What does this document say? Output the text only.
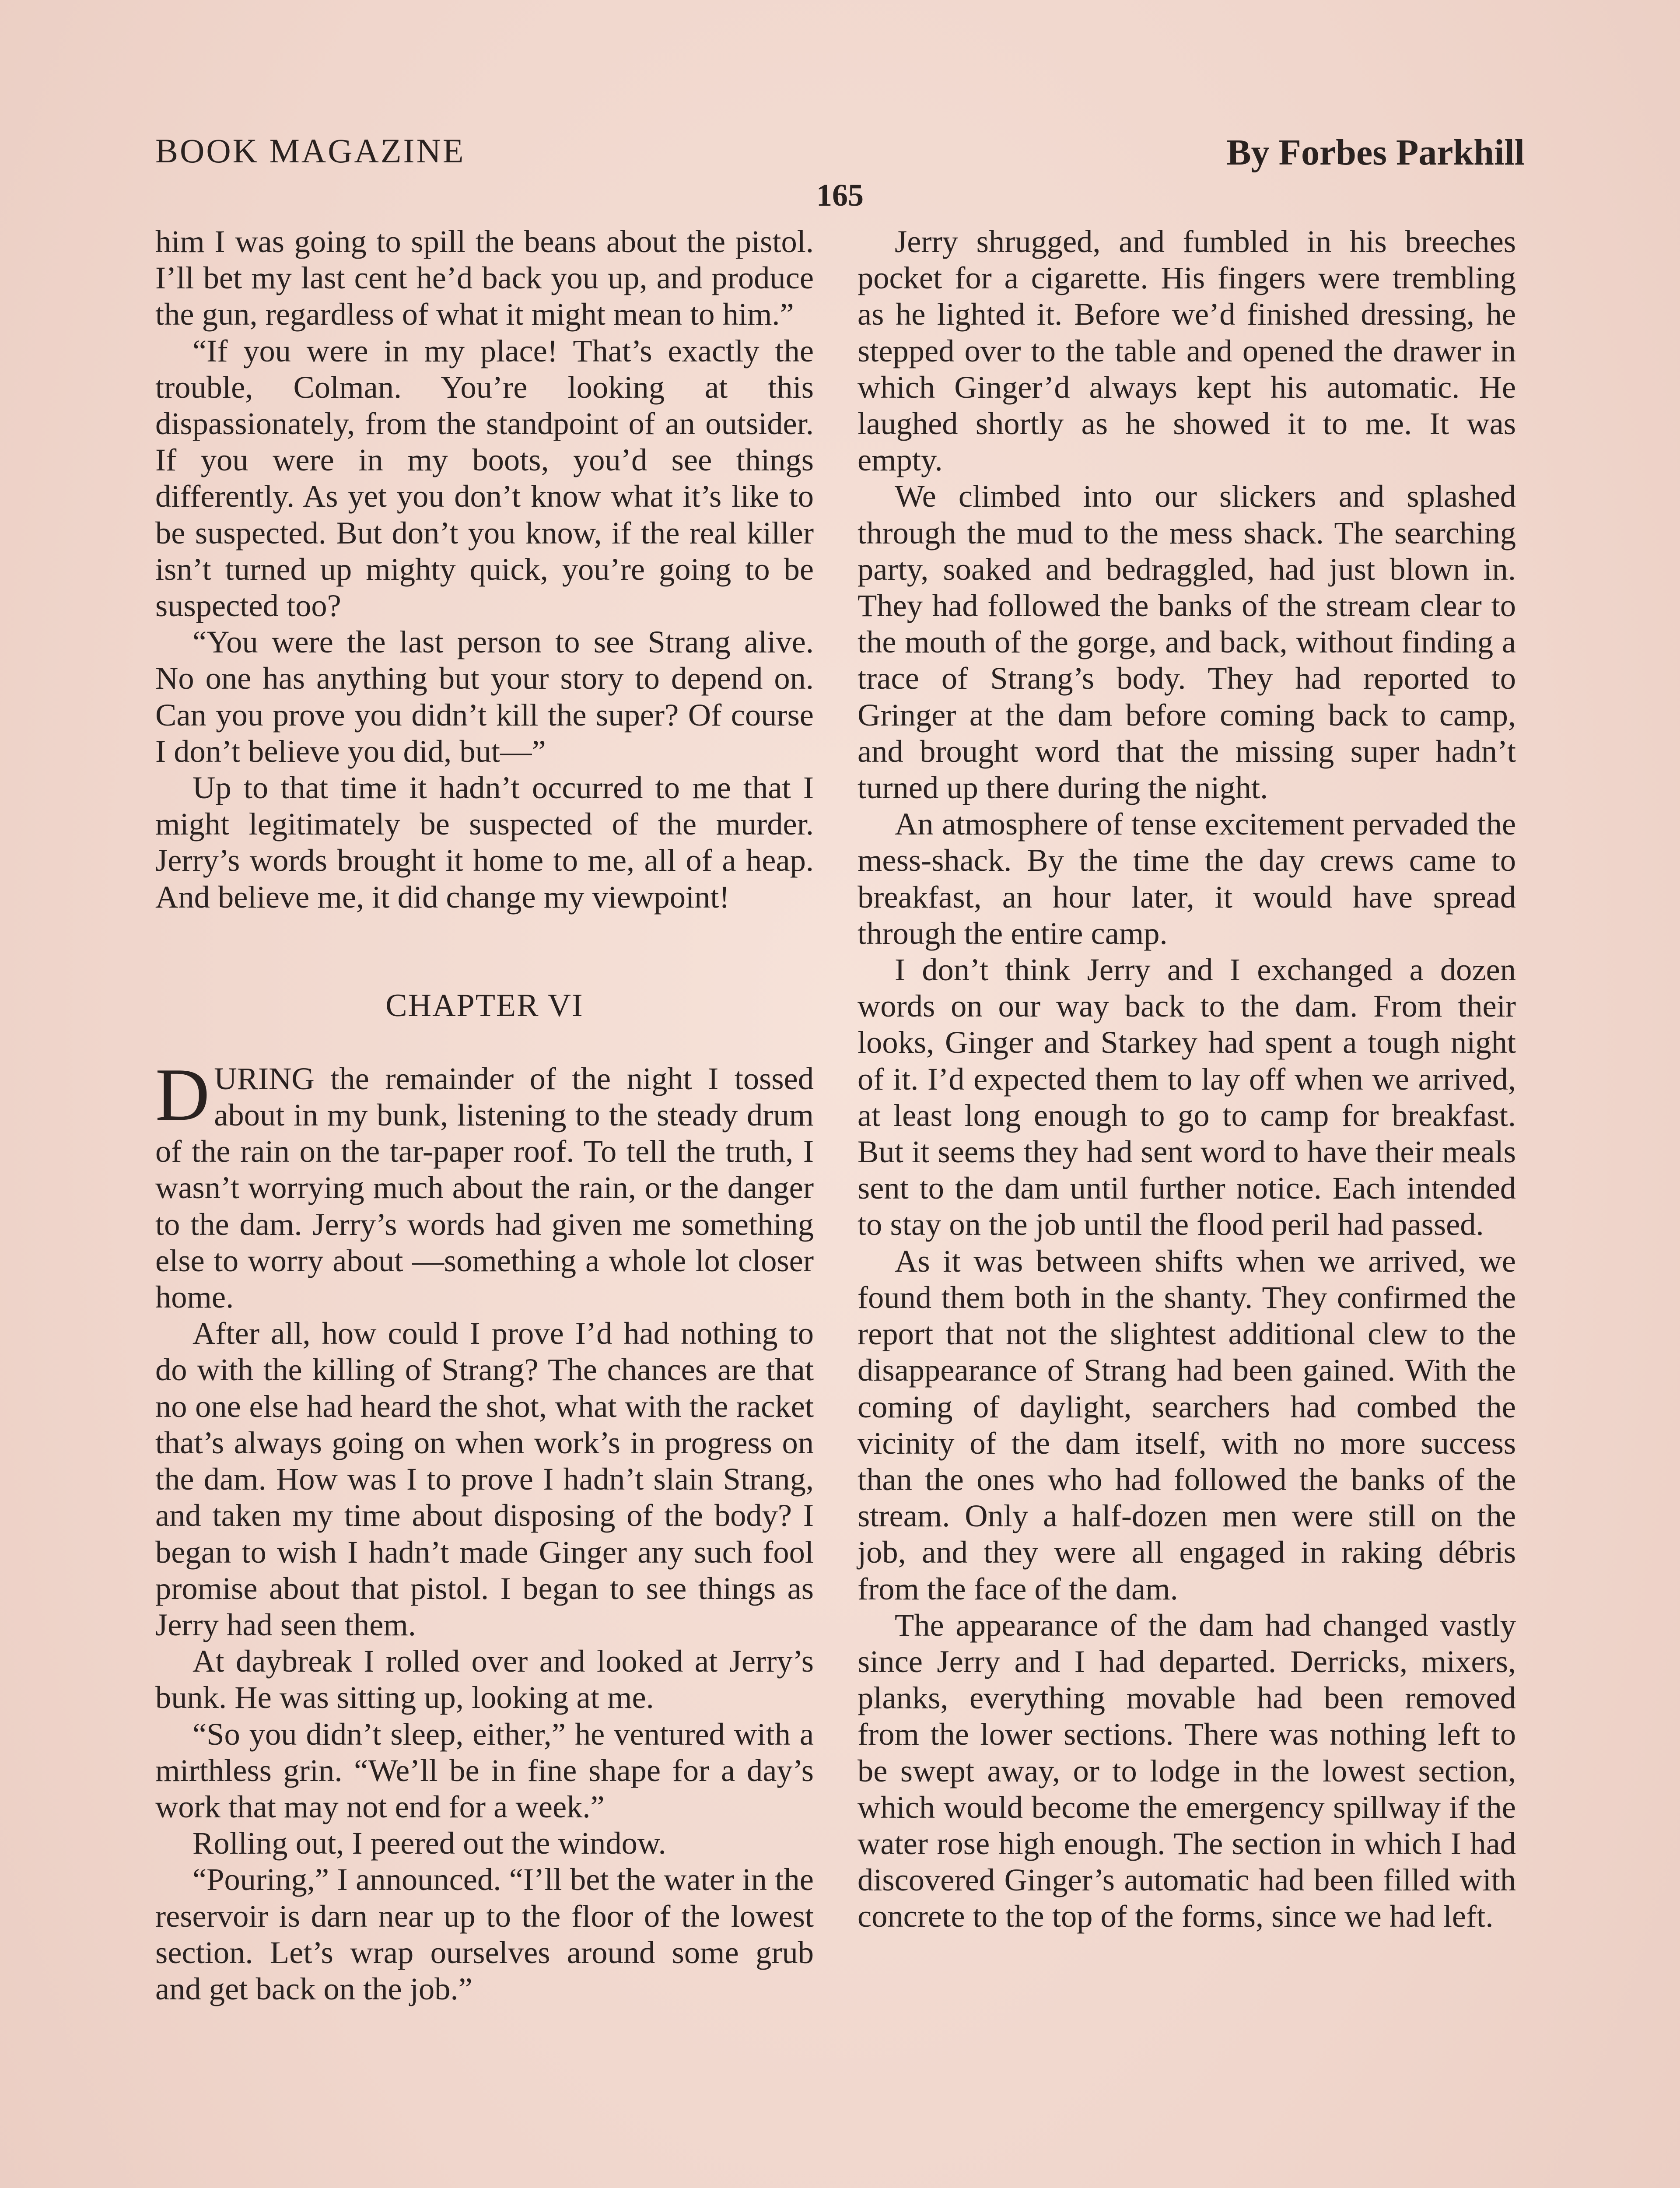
BOOK MAGAZINE	By Forbes Parkhill
165

him I was going to spill the beans about the pistol. I’ll bet my last cent he’d back you up, and produce the gun, regardless of what it might mean to him.”

“If you were in my place! That’s exactly the trouble, Colman. You’re looking at this dispassionately, from the standpoint of an outsider. If you were in my boots, you’d see things differently. As yet you don’t know what it’s like to be suspected. But don’t you know, if the real killer isn’t turned up mighty quick, you’re going to be suspected too?

“You were the last person to see Strang alive. No one has anything but your story to depend on. Can you prove you didn’t kill the super? Of course I don’t believe you did, but—”

Up to that time it hadn’t occurred to me that I might legitimately be suspected of the murder. Jerry’s words brought it home to me, all of a heap. And believe me, it did change my viewpoint!

CHAPTER VI

DURING the remainder of the night I tossed about in my bunk, listening to the steady drum of the rain on the tar-paper roof. To tell the truth, I wasn’t worrying much about the rain, or the danger to the dam. Jerry’s words had given me something else to worry about —something a whole lot closer home.

After all, how could I prove I’d had nothing to do with the killing of Strang? The chances are that no one else had heard the shot, what with the racket that’s always going on when work’s in progress on the dam. How was I to prove I hadn’t slain Strang, and taken my time about disposing of the body? I began to wish I hadn’t made Ginger any such fool promise about that pistol. I began to see things as Jerry had seen them.

At daybreak I rolled over and looked at Jerry’s bunk. He was sitting up, looking at me.

“So you didn’t sleep, either,” he ventured with a mirthless grin. “We’ll be in fine shape for a day’s work that may not end for a week.”

Rolling out, I peered out the window.

“Pouring,” I announced. “I’ll bet the water in the reservoir is darn near up to the floor of the lowest section. Let’s wrap ourselves around some grub and get back on the job.”

Jerry shrugged, and fumbled in his breeches pocket for a cigarette. His fingers were trembling as he lighted it. Before we’d finished dressing, he stepped over to the table and opened the drawer in which Ginger’d always kept his automatic. He laughed shortly as he showed it to me. It was empty.

We climbed into our slickers and splashed through the mud to the mess shack. The searching party, soaked and bedraggled, had just blown in. They had followed the banks of the stream clear to the mouth of the gorge, and back, without finding a trace of Strang’s body. They had reported to Gringer at the dam before coming back to camp, and brought word that the missing super hadn’t turned up there during the night.

An atmosphere of tense excitement pervaded the mess-shack. By the time the day crews came to breakfast, an hour later, it would have spread through the entire camp.

I don’t think Jerry and I exchanged a dozen words on our way back to the dam. From their looks, Ginger and Starkey had spent a tough night of it. I’d expected them to lay off when we arrived, at least long enough to go to camp for breakfast. But it seems they had sent word to have their meals sent to the dam until further notice. Each intended to stay on the job until the flood peril had passed.

As it was between shifts when we arrived, we found them both in the shanty. They confirmed the report that not the slightest additional clew to the disappearance of Strang had been gained. With the coming of daylight, searchers had combed the vicinity of the dam itself, with no more success than the ones who had followed the banks of the stream. Only a half-dozen men were still on the job, and they were all engaged in raking débris from the face of the dam.

The appearance of the dam had changed vastly since Jerry and I had departed. Derricks, mixers, planks, everything movable had been removed from the lower sections. There was nothing left to be swept away, or to lodge in the lowest section, which would become the emergency spillway if the water rose high enough. The section in which I had discovered Ginger’s automatic had been filled with concrete to the top of the forms, since we had left.
